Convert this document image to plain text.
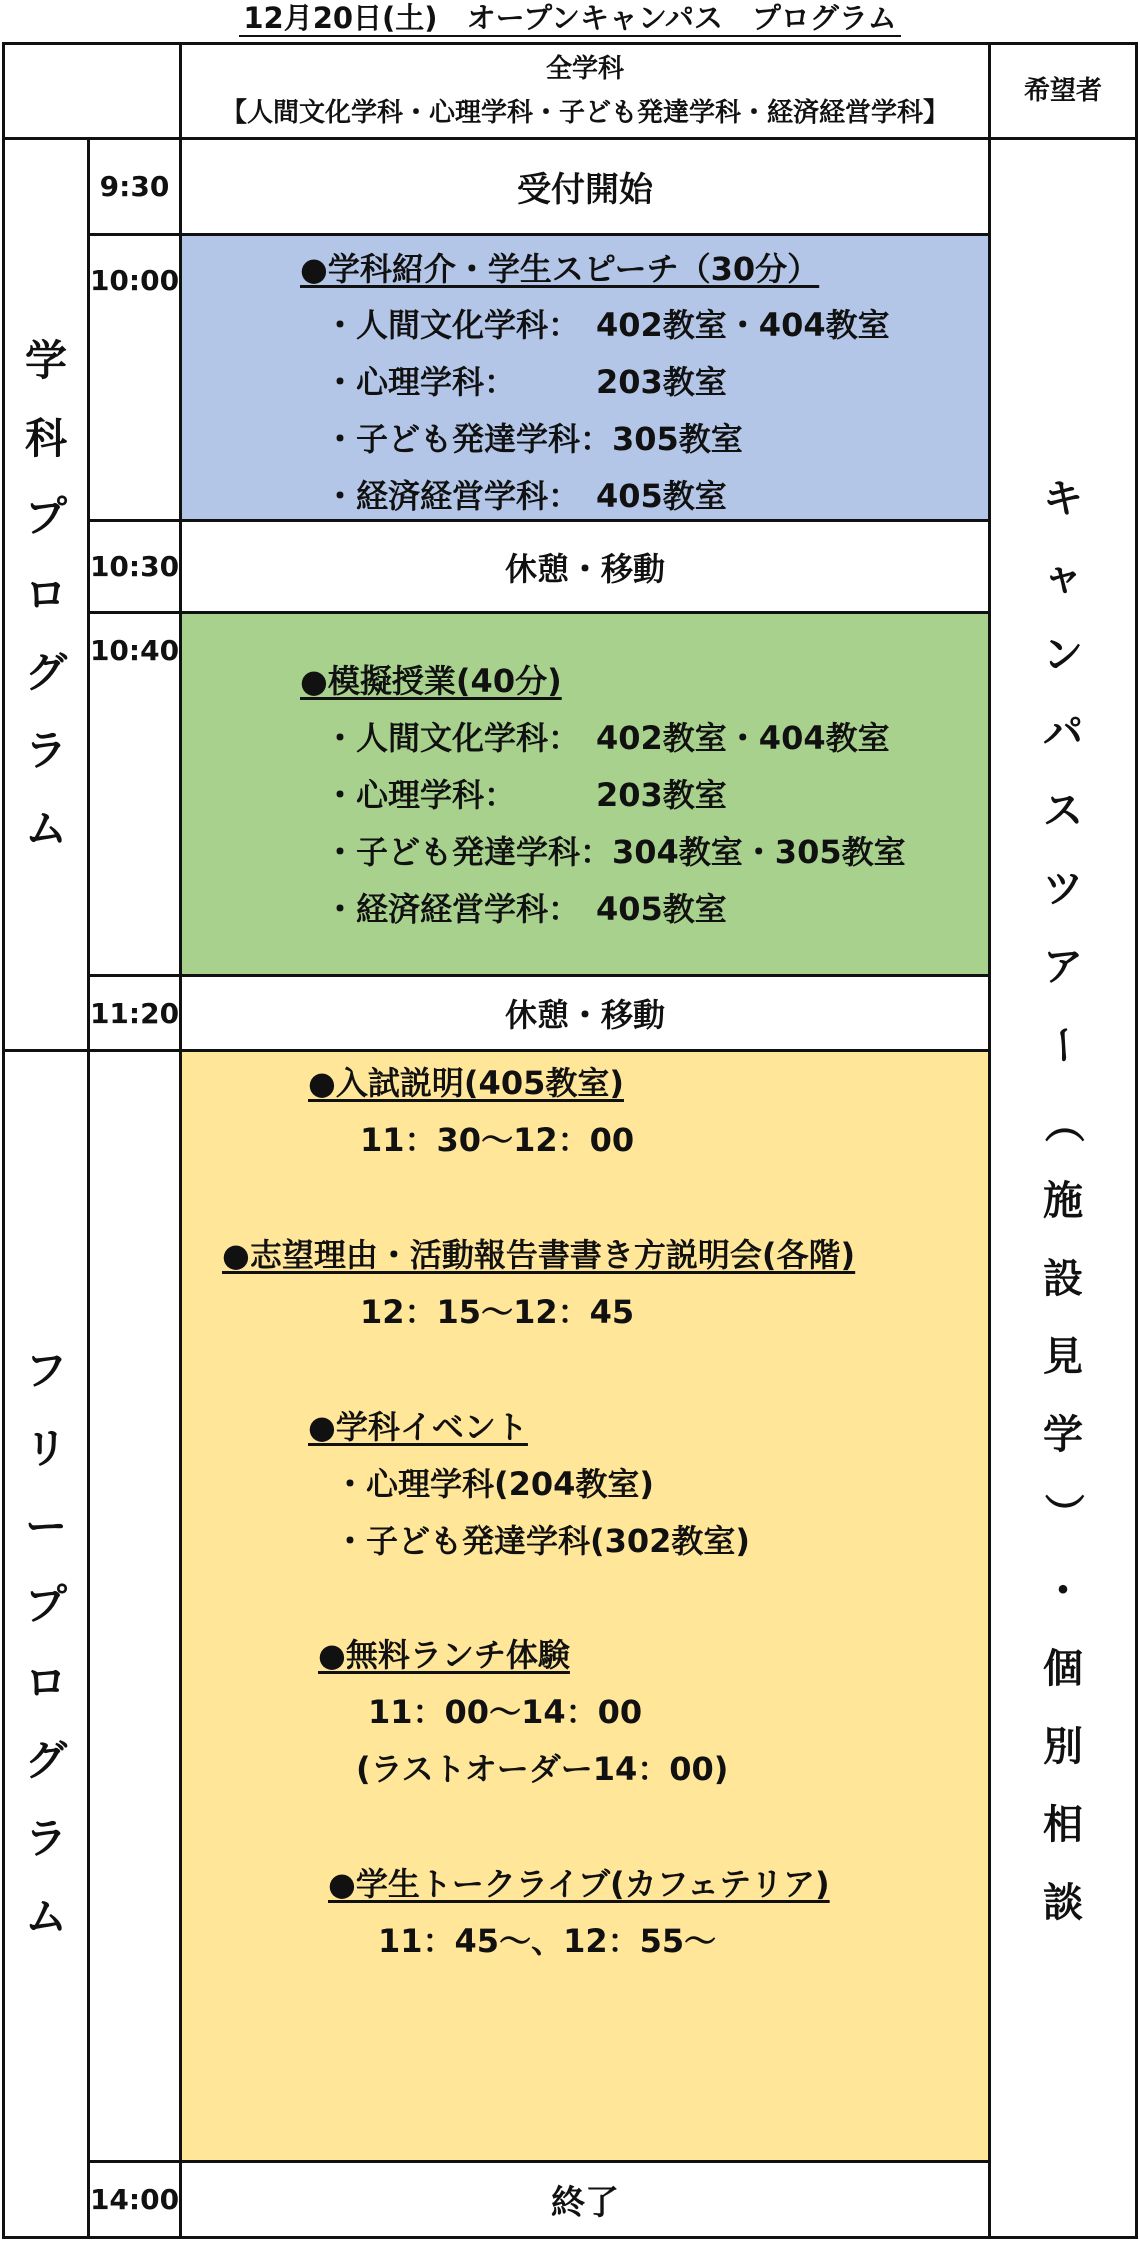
12月20日(土)　オープンキャンパス　プログラム
全学科
【人間文化学科・心理学科・子ども発達学科・経済経営学科】
希望者
学科プログラム
フリープログラム
9:30
10:00
10:30
10:40
11:20
14:00
受付開始
●学科紹介・学生スピーチ（30分）
・人間文化学科：　402教室・404教室
・心理学科：　　　203教室
・子ども発達学科：305教室
・経済経営学科：　405教室
休憩・移動
●模擬授業(40分)
・人間文化学科：　402教室・404教室
・心理学科：　　　203教室
・子ども発達学科：304教室・305教室
・経済経営学科：　405教室
休憩・移動
●入試説明(405教室)
11：30～12：00
●志望理由・活動報告書書き方説明会(各階)
12：15～12：45
●学科イベント
・心理学科(204教室)
・子ども発達学科(302教室)
●無料ランチ体験
11：00～14：00
(ラストオーダー14：00)
●学生トークライブ(カフェテリア)
11：45～、12：55～
終了
キ
ャ
ン
パ
ス
ツ
ア
ー
（
施
設
見
学
）
・
個
別
相
談
